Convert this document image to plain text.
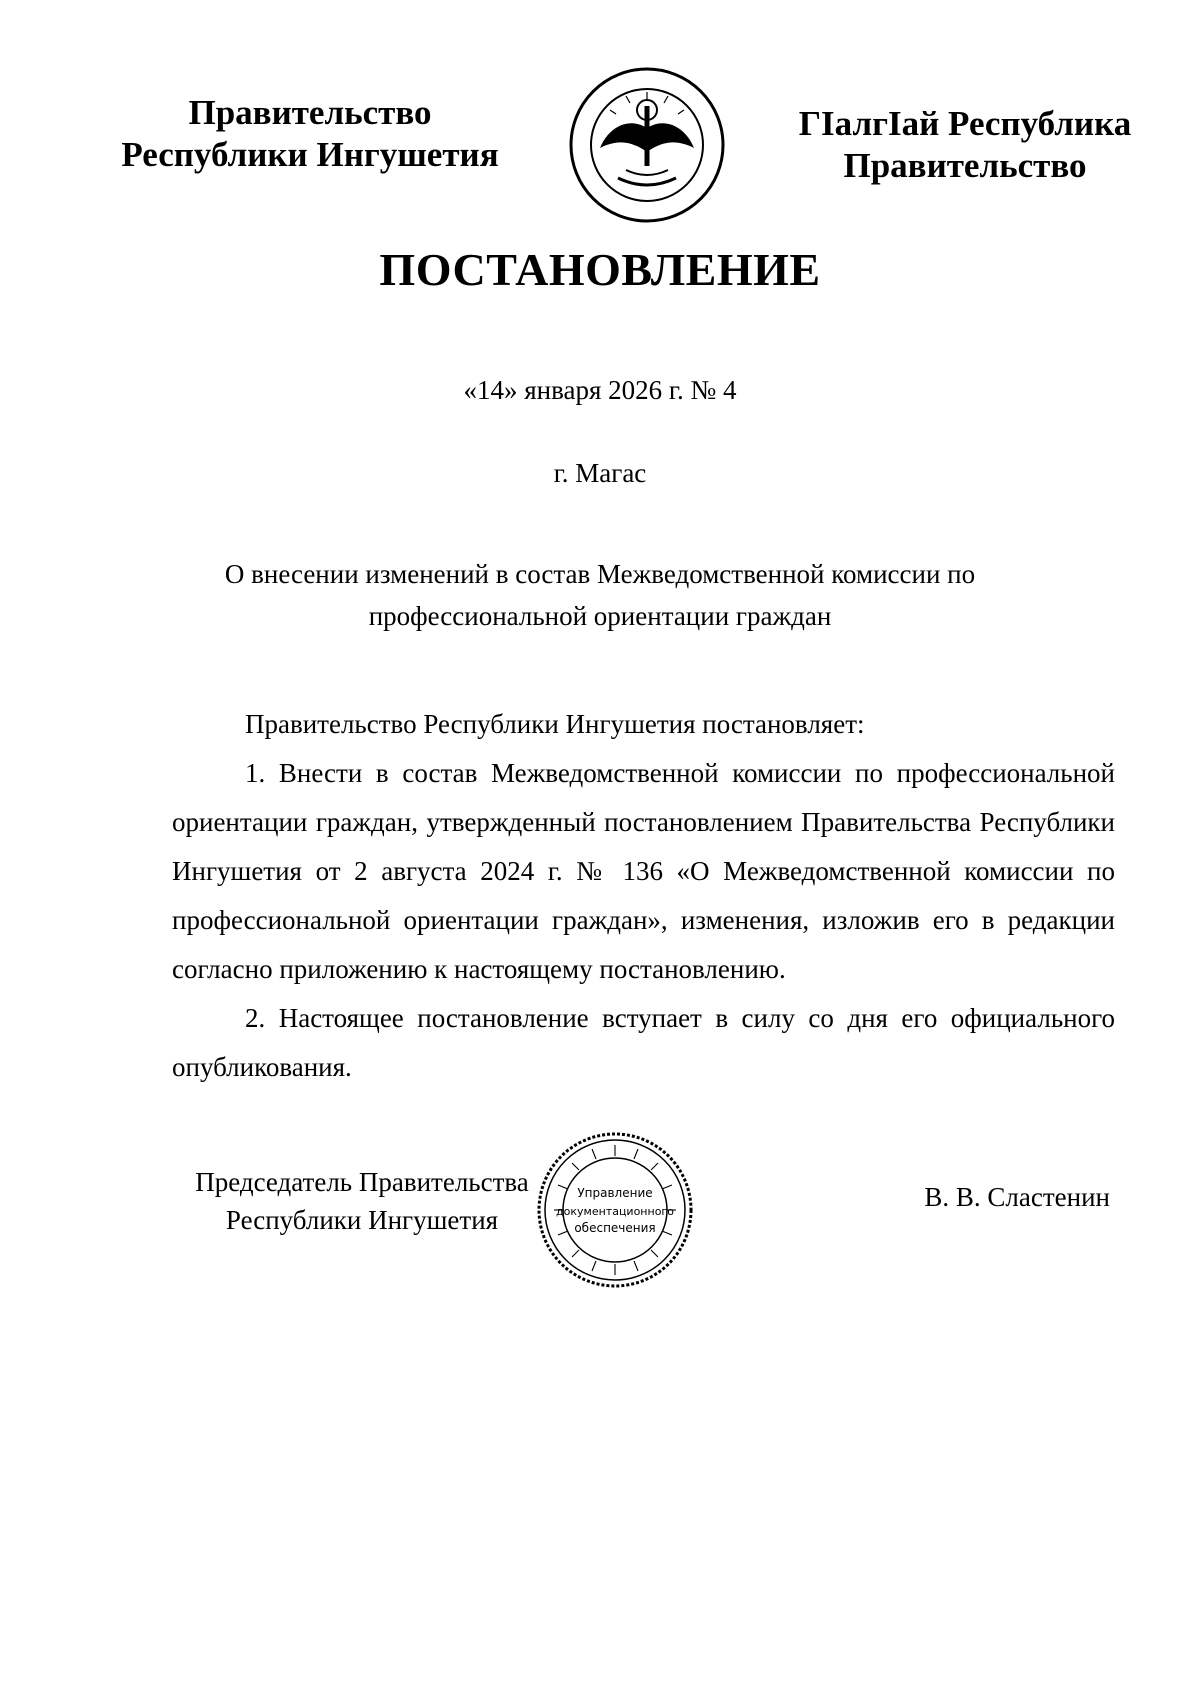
Правительство
Республики Ингушетия
ГIалгIай Республика
Правительство
ПОСТАНОВЛЕНИЕ
«14» января 2026 г. № 4
г. Магас
О внесении изменений в состав Межведомственной комиссии по
профессиональной ориентации граждан

Правительство Республики Ингушетия постановляет:

1. Внести в состав Межведомственной комиссии по профессиональной ориентации граждан, утвержденный постановлением Правительства Республики Ингушетия от 2 августа 2024 г. № 136 «О Межведомственной комиссии по профессиональной ориентации граждан», изменения, изложив его в редакции согласно приложению к настоящему постановлению.

2. Настоящее постановление вступает в силу со дня его официального опубликования.

Председатель Правительства
Республики Ингушетия
Управление
документационного
обеспечения
В. В. Сластенин
